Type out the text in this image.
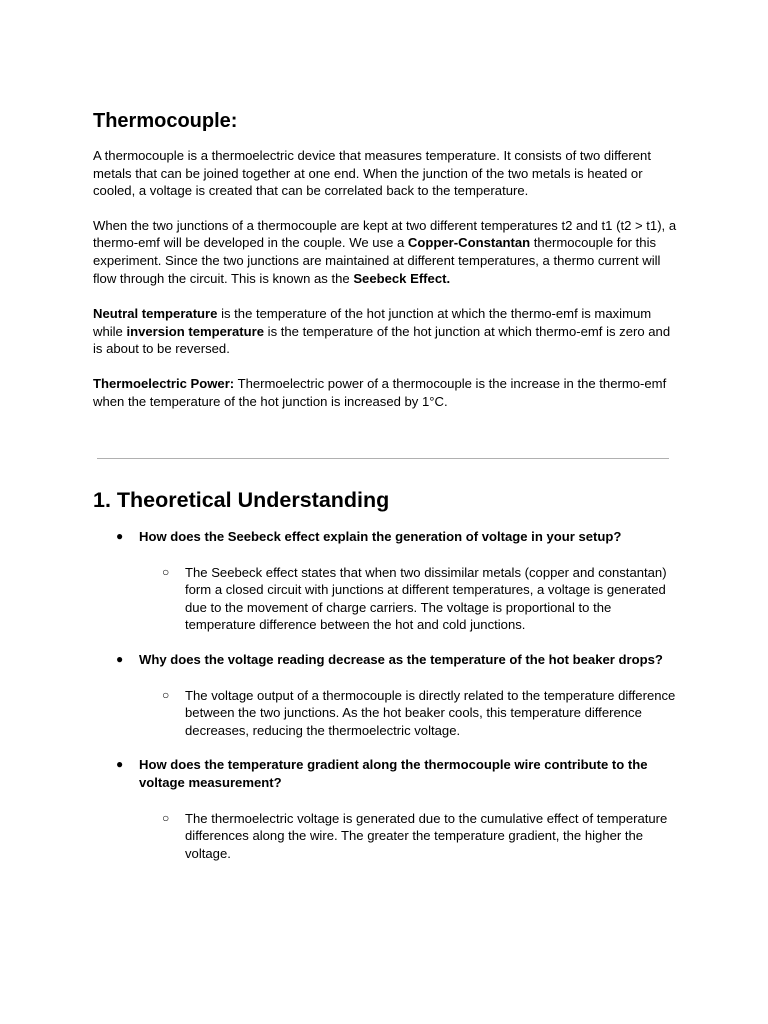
Thermocouple:

A thermocouple is a thermoelectric device that measures temperature. It consists of two different metals that can be joined together at one end. When the junction of the two metals is heated or cooled, a voltage is created that can be correlated back to the temperature.

When the two junctions of a thermocouple are kept at two different temperatures t2 and t1 (t2 > t1), a thermo-emf will be developed in the couple. We use a Copper-Constantan thermocouple for this experiment. Since the two junctions are maintained at different temperatures, a thermo current will flow through the circuit. This is known as the Seebeck Effect.

Neutral temperature is the temperature of the hot junction at which the thermo-emf is maximum while inversion temperature is the temperature of the hot junction at which thermo-emf is zero and is about to be reversed.

Thermoelectric Power: Thermoelectric power of a thermocouple is the increase in the thermo-emf when the temperature of the hot junction is increased by 1°C.

1. Theoretical Understanding
● How does the Seebeck effect explain the generation of voltage in your setup?
○ The Seebeck effect states that when two dissimilar metals (copper and constantan) form a closed circuit with junctions at different temperatures, a voltage is generated due to the movement of charge carriers. The voltage is proportional to the temperature difference between the hot and cold junctions.
● Why does the voltage reading decrease as the temperature of the hot beaker drops?
○ The voltage output of a thermocouple is directly related to the temperature difference between the two junctions. As the hot beaker cools, this temperature difference decreases, reducing the thermoelectric voltage.
● How does the temperature gradient along the thermocouple wire contribute to the voltage measurement?
○ The thermoelectric voltage is generated due to the cumulative effect of temperature differences along the wire. The greater the temperature gradient, the higher the voltage.
